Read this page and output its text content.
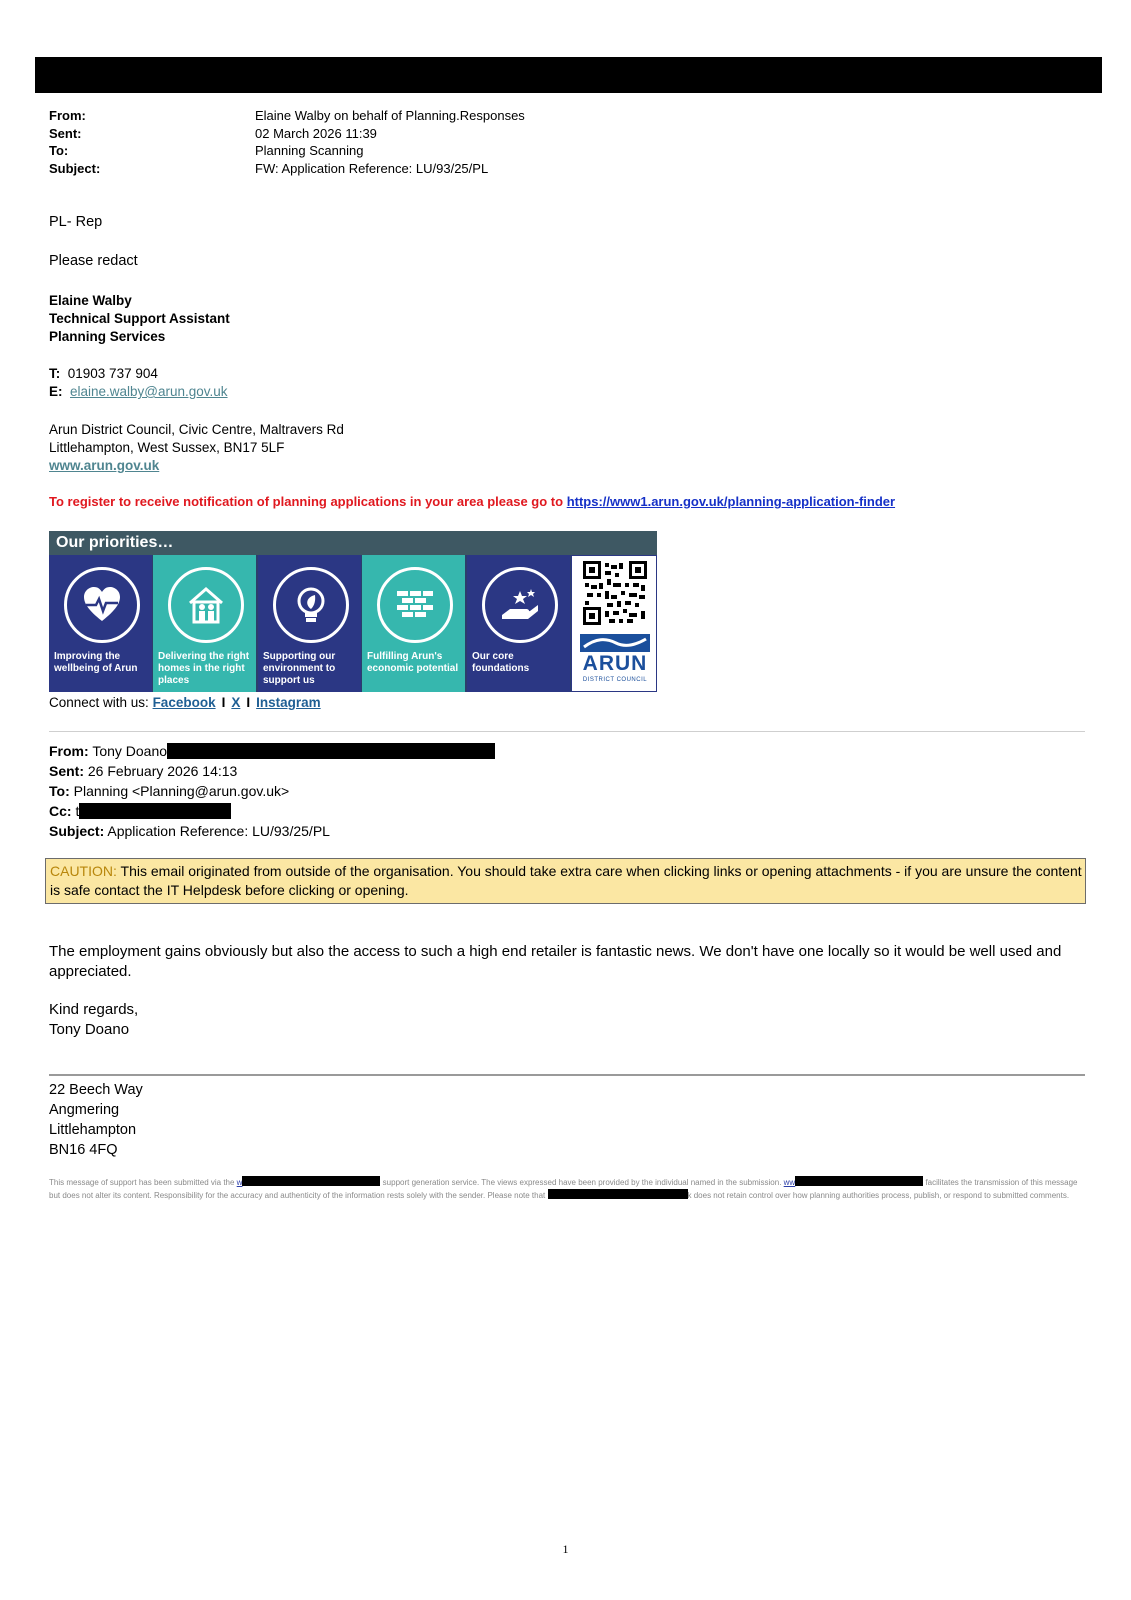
From:	Elaine Walby on behalf of Planning.Responses
Sent:	02 March 2026 11:39
To:	Planning Scanning
Subject:	FW: Application Reference: LU/93/25/PL
PL- Rep
Please redact
Elaine Walby
Technical Support Assistant
Planning Services
T: 01903 737 904
E: elaine.walby@arun.gov.uk
Arun District Council, Civic Centre, Maltravers Rd
Littlehampton, West Sussex, BN17 5LF
www.arun.gov.uk
To register to receive notification of planning applications in your area please go to https://www1.arun.gov.uk/planning-application-finder
Our priorities…
Improving the wellbeing of Arun
Delivering the right homes in the right places
Supporting our environment to support us
Fulfilling Arun's economic potential
Our core foundations	ARUN
DISTRICT COUNCIL
Connect with us: Facebook I X I Instagram
From: Tony Doano
Sent: 26 February 2026 14:13
To: Planning <Planning@arun.gov.uk>
Cc: t
Subject: Application Reference: LU/93/25/PL
CAUTION: This email originated from outside of the organisation. You should take extra care when clicking links or opening attachments - if you are unsure the content is safe contact the IT Helpdesk before clicking or opening.
The employment gains obviously but also the access to such a high end retailer is fantastic news. We don't have one locally so it would be well used and appreciated.
Kind regards,
Tony Doano
22 Beech Way
Angmering
Littlehampton
BN16 4FQ
This message of support has been submitted via the w	support generation service. The views expressed have been provided by the individual named in the submission. ww	facilitates the transmission of this message but does not alter its content. Responsibility for the accuracy and authenticity of the information rests solely with the sender. Please note that	k does not retain control over how planning authorities process, publish, or respond to submitted comments.
1
